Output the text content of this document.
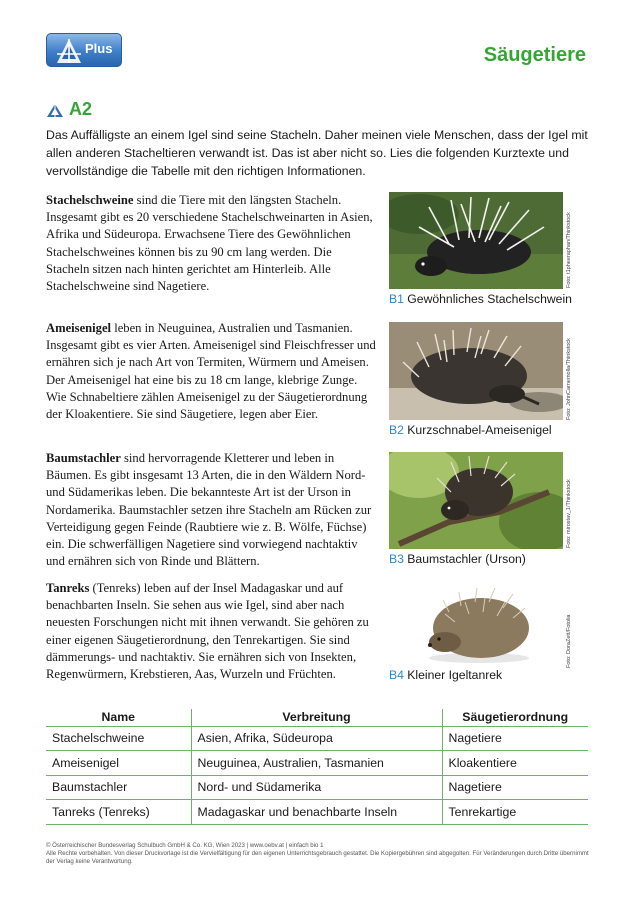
Plus	Säugetiere
A2

Das Auffälligste an einem Igel sind seine Stacheln. Daher meinen viele Menschen, dass der Igel mit allen anderen Stacheltieren verwandt ist. Das ist aber nicht so. Lies die folgenden Kurztexte und vervollständige die Tabelle mit den richtigen Informationen.

Stachelschweine sind die Tiere mit den längsten Stacheln. Insgesamt gibt es 20 verschiedene Stachelschweinarten in Asien, Afrika und Südeuropa. Erwachsene Tiere des Gewöhnlichen Stachelschweines können bis zu 90 cm lang werden. Die Stacheln sitzen nach hinten gerichtet am Hinterleib. Alle Stachelschweine sind Nagetiere.

Ameisenigel leben in Neuguinea, Australien und Tasmanien. Insgesamt gibt es vier Arten. Ameisenigel sind Fleischfresser und ernähren sich je nach Art von Termiten, Würmern und Ameisen. Der Ameisenigel hat eine bis zu 18 cm lange, klebrige Zunge. Wie Schnabeltiere zählen Ameisenigel zu der Säugetierordnung der Kloakentiere. Sie sind Säugetiere, legen aber Eier.

Baumstachler sind hervorragende Kletterer und leben in Bäumen. Es gibt insgesamt 13 Arten, die in den Wäldern Nord- und Südamerikas leben. Die bekannteste Art ist der Urson in Nordamerika. Baumstachler setzen ihre Stacheln am Rücken zur Verteidigung gegen Feinde (Raubtiere wie z. B. Wölfe, Füchse) ein. Die schwerfälligen Nagetiere sind vorwiegend nachtaktiv und ernähren sich von Rinde und Blättern.

Tanreks (Tenreks) leben auf der Insel Madagaskar und auf benachbarten Inseln. Sie sehen aus wie Igel, sind aber nach neuesten Forschungen nicht mit ihnen verwandt. Sie gehören zu einer eigenen Säugetierordnung, den Tenrekartigen. Sie sind dämmerungs- und nachtaktiv. Sie ernähren sich von Insekten, Regenwürmern, Krebstieren, Aas, Wurzeln und Früchten.

B1 Gewöhnliches Stachelschwein
Foto: t1pheeraphan/Thinkstock
B2 Kurzschnabel-Ameisenigel
Foto: JohnCarnemolla/Thinkstock
B3 Baumstachler (Urson)
Foto: mirostav_1/Thinkstock
B4 Kleiner Igeltanrek
Foto: DoraZett/Fotolia
Name	Verbreitung	Säugetierordnung
Stachelschweine	Asien, Afrika, Südeuropa	Nagetiere
Ameisenigel	Neuguinea, Australien, Tasmanien	Kloakentiere
Baumstachler	Nord- und Südamerika	Nagetiere
Tanreks (Tenreks)	Madagaskar und benachbarte Inseln	Tenrekartige
© Österreichischer Bundesverlag Schulbuch GmbH & Co. KG, Wien 2023 | www.oebv.at | einfach bio 1
Alle Rechte vorbehalten. Von dieser Druckvorlage ist die Vervielfältigung für den eigenen Unterrichtsgebrauch gestattet. Die Kopiergebühren sind abgegolten. Für Veränderungen durch Dritte übernimmt der Verlag keine Verantwortung.
